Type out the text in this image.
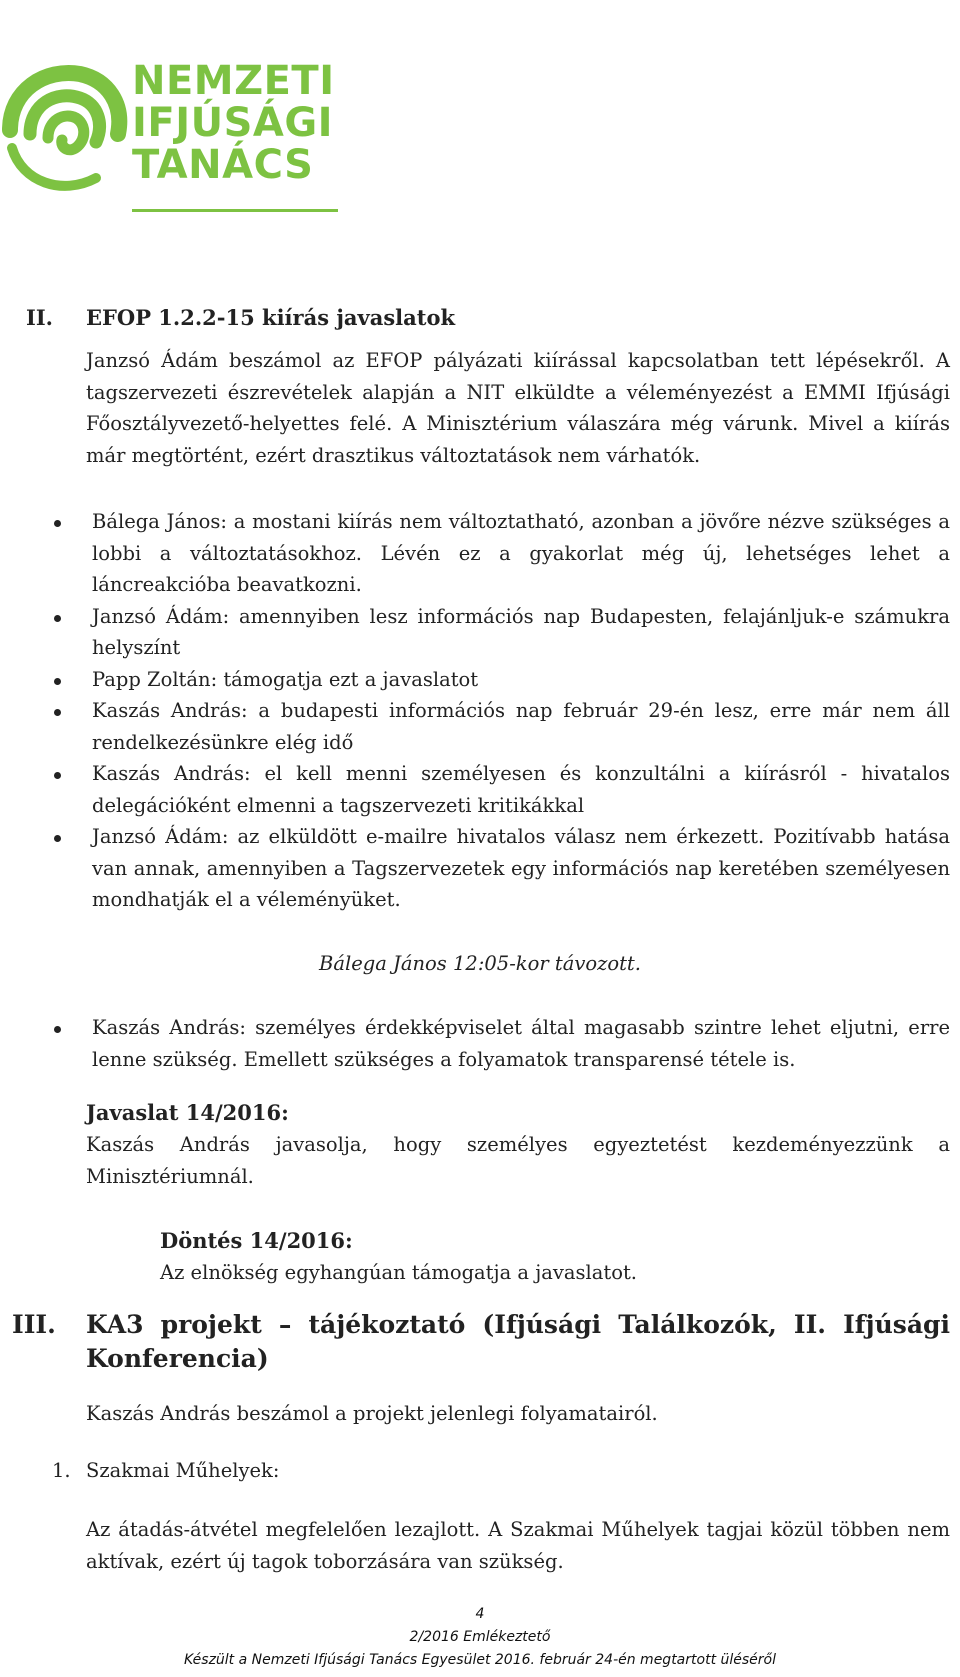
NEMZETI
IFJÚSÁGI
TANÁCS
II. EFOP 1.2.2-15 kiírás javaslatok
Janzsó Ádám beszámol az EFOP pályázati kiírással kapcsolatban tett lépésekről. A tagszervezeti észrevételek alapján a NIT elküldte a véleményezést a EMMI Ifjúsági Főosztályvezető-helyettes felé. A Minisztérium válaszára még várunk. Mivel a kiírás már megtörtént, ezért drasztikus változtatások nem várhatók.
Bálega János: a mostani kiírás nem változtatható, azonban a jövőre nézve szükséges a lobbi a változtatásokhoz. Lévén ez a gyakorlat még új, lehetséges lehet a láncreakcióba beavatkozni.
Janzsó Ádám: amennyiben lesz információs nap Budapesten, felajánljuk-e számukra helyszínt
Papp Zoltán: támogatja ezt a javaslatot
Kaszás András: a budapesti információs nap február 29-én lesz, erre már nem áll rendelkezésünkre elég idő
Kaszás András: el kell menni személyesen és konzultálni a kiírásról - hivatalos delegációként elmenni a tagszervezeti kritikákkal
Janzsó Ádám: az elküldött e-mailre hivatalos válasz nem érkezett. Pozitívabb hatása van annak, amennyiben a Tagszervezetek egy információs nap keretében személyesen mondhatják el a véleményüket.
Bálega János 12:05-kor távozott.
Kaszás András: személyes érdekképviselet által magasabb szintre lehet eljutni, erre lenne szükség. Emellett szükséges a folyamatok transparensé tétele is.
Javaslat 14/2016:
Kaszás András javasolja, hogy személyes egyeztetést kezdeményezzünk a Minisztériumnál.
Döntés 14/2016:
Az elnökség egyhangúan támogatja a javaslatot.
III. KA3 projekt – tájékoztató (Ifjúsági Találkozók, II. Ifjúsági Konferencia)
Kaszás András beszámol a projekt jelenlegi folyamatairól.
1. Szakmai Műhelyek:
Az átadás-átvétel megfelelően lezajlott. A Szakmai Műhelyek tagjai közül többen nem aktívak, ezért új tagok toborzására van szükség.
4
2/2016 Emlékeztető
Készült a Nemzeti Ifjúsági Tanács Egyesület 2016. február 24-én megtartott üléséről
